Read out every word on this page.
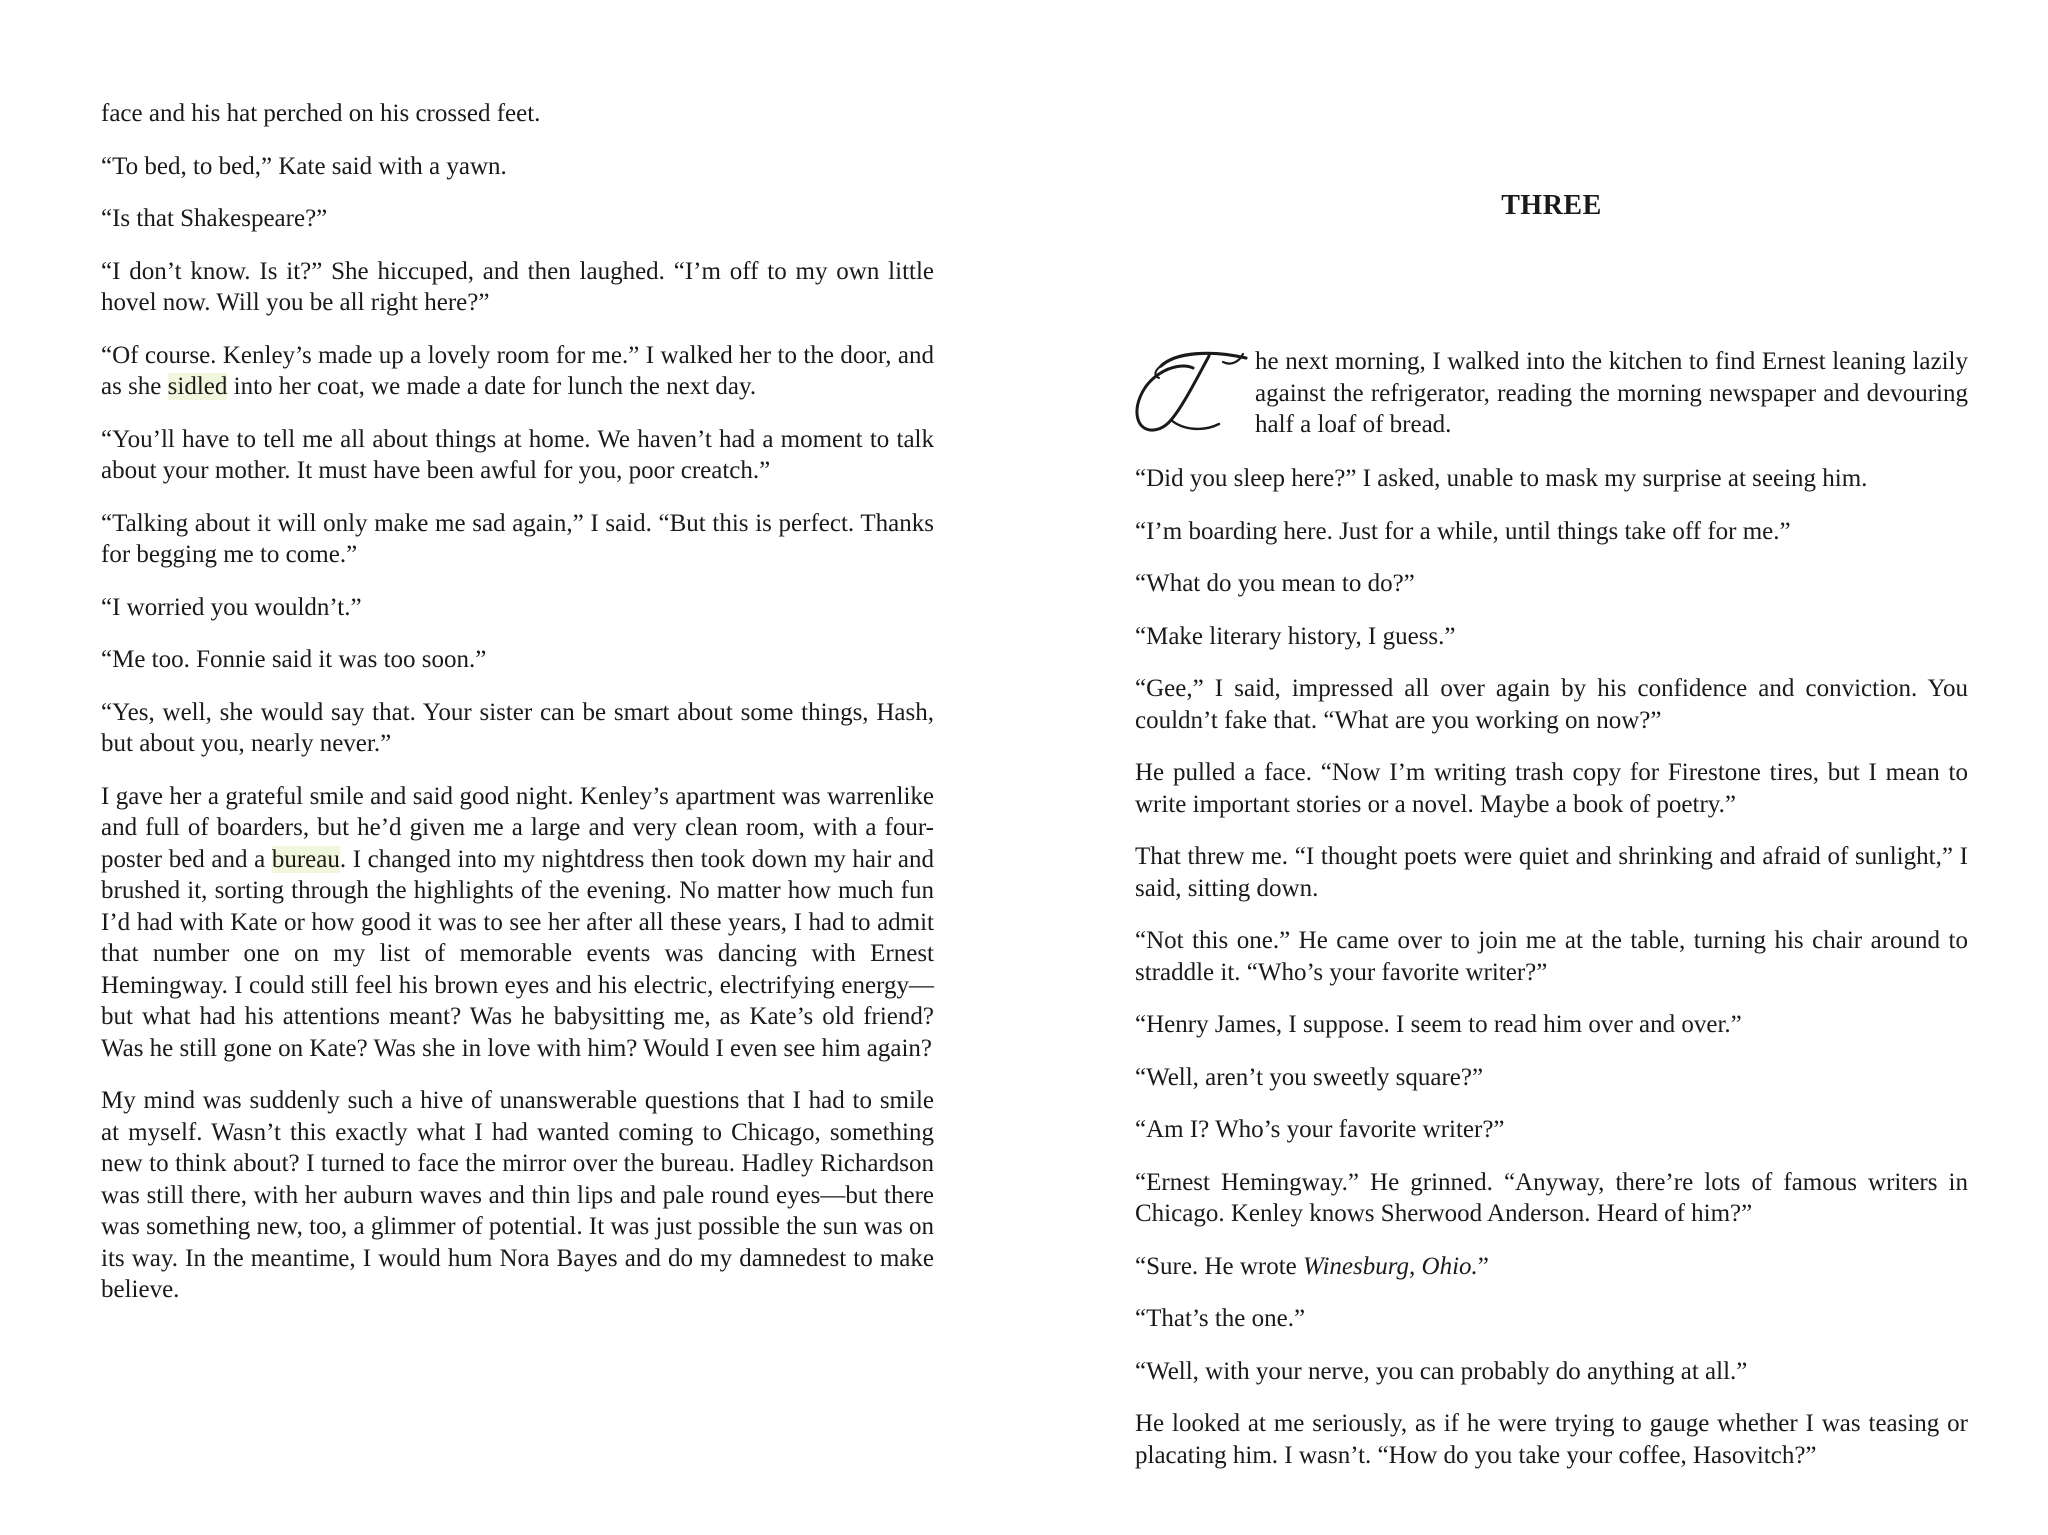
face and his hat perched on his crossed feet.

“To bed, to bed,” Kate said with a yawn.

“Is that Shakespeare?”

“I don’t know. Is it?” She hiccuped, and then laughed. “I’m off to my own little hovel now. Will you be all right here?”

“Of course. Kenley’s made up a lovely room for me.” I walked her to the door, and as she sidled into her coat, we made a date for lunch the next day.

“You’ll have to tell me all about things at home. We haven’t had a moment to talk about your mother. It must have been awful for you, poor creatch.”

“Talking about it will only make me sad again,” I said. “But this is perfect. Thanks for begging me to come.”

“I worried you wouldn’t.”

“Me too. Fonnie said it was too soon.”

“Yes, well, she would say that. Your sister can be smart about some things, Hash, but about you, nearly never.”

I gave her a grateful smile and said good night. Kenley’s apartment was warrenlike and full of boarders, but he’d given me a large and very clean room, with a four-poster bed and a bureau. I changed into my nightdress then took down my hair and brushed it, sorting through the highlights of the evening. No matter how much fun I’d had with Kate or how good it was to see her after all these years, I had to admit that number one on my list of memorable events was dancing with Ernest Hemingway. I could still feel his brown eyes and his electric, electrifying energy—but what had his attentions meant? Was he babysitting me, as Kate’s old friend? Was he still gone on Kate? Was she in love with him? Would I even see him again?

My mind was suddenly such a hive of unanswerable questions that I had to smile at myself. Wasn’t this exactly what I had wanted coming to Chicago, something new to think about? I turned to face the mirror over the bureau. Hadley Richardson was still there, with her auburn waves and thin lips and pale round eyes—but there was something new, too, a glimmer of potential. It was just possible the sun was on its way. In the meantime, I would hum Nora Bayes and do my damnedest to make believe.

THREE

he next morning, I walked into the kitchen to find Ernest leaning lazily against the refrigerator, reading the morning newspaper and devouring half a loaf of bread.

“Did you sleep here?” I asked, unable to mask my surprise at seeing him.

“I’m boarding here. Just for a while, until things take off for me.”

“What do you mean to do?”

“Make literary history, I guess.”

“Gee,” I said, impressed all over again by his confidence and conviction. You couldn’t fake that. “What are you working on now?”

He pulled a face. “Now I’m writing trash copy for Firestone tires, but I mean to write important stories or a novel. Maybe a book of poetry.”

That threw me. “I thought poets were quiet and shrinking and afraid of sunlight,” I said, sitting down.

“Not this one.” He came over to join me at the table, turning his chair around to straddle it. “Who’s your favorite writer?”

“Henry James, I suppose. I seem to read him over and over.”

“Well, aren’t you sweetly square?”

“Am I? Who’s your favorite writer?”

“Ernest Hemingway.” He grinned. “Anyway, there’re lots of famous writers in Chicago. Kenley knows Sherwood Anderson. Heard of him?”

“Sure. He wrote Winesburg, Ohio.”

“That’s the one.”

“Well, with your nerve, you can probably do anything at all.”

He looked at me seriously, as if he were trying to gauge whether I was teasing or placating him. I wasn’t. “How do you take your coffee, Hasovitch?”
